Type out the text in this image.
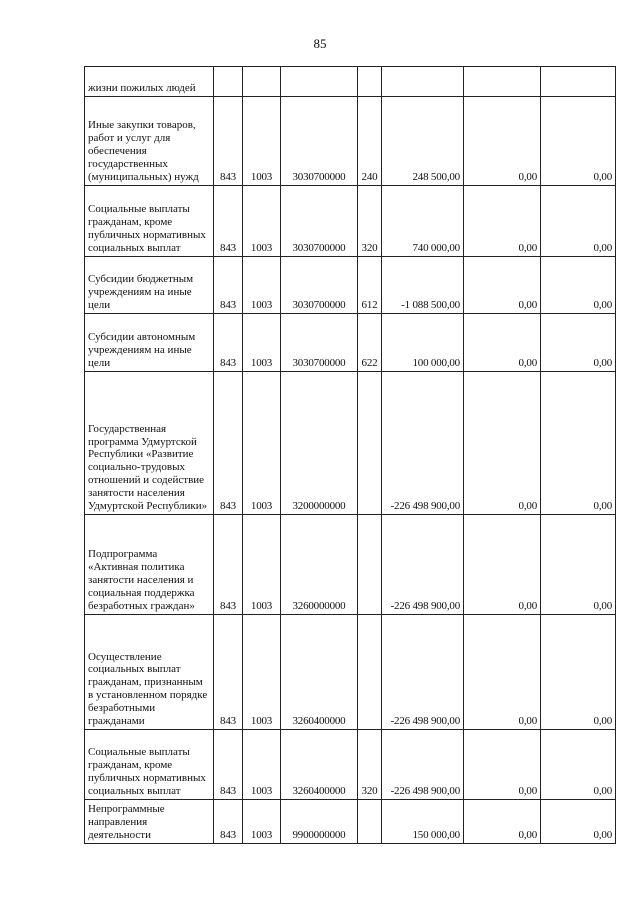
85
жизни пожилых людей							
Иные закупки товаров, работ и услуг для обеспечения государственных (муниципальных) нужд	843	1003	3030700000	240	248 500,00	0,00	0,00
Социальные выплаты гражданам, кроме публичных нормативных социальных выплат	843	1003	3030700000	320	740 000,00	0,00	0,00
Субсидии бюджетным учреждениям на иные цели	843	1003	3030700000	612	-1 088 500,00	0,00	0,00
Субсидии автономным учреждениям на иные цели	843	1003	3030700000	622	100 000,00	0,00	0,00
Государственная программа Удмуртской Республики «Развитие социально-трудовых отношений и содействие занятости населения Удмуртской Республики»	843	1003	3200000000		-226 498 900,00	0,00	0,00
Подпрограмма «Активная политика занятости населения и социальная поддержка безработных граждан»	843	1003	3260000000		-226 498 900,00	0,00	0,00
Осуществление социальных выплат гражданам, признанным в установленном порядке безработными гражданами	843	1003	3260400000		-226 498 900,00	0,00	0,00
Социальные выплаты гражданам, кроме публичных нормативных социальных выплат	843	1003	3260400000	320	-226 498 900,00	0,00	0,00
Непрограммные направления деятельности	843	1003	9900000000		150 000,00	0,00	0,00
